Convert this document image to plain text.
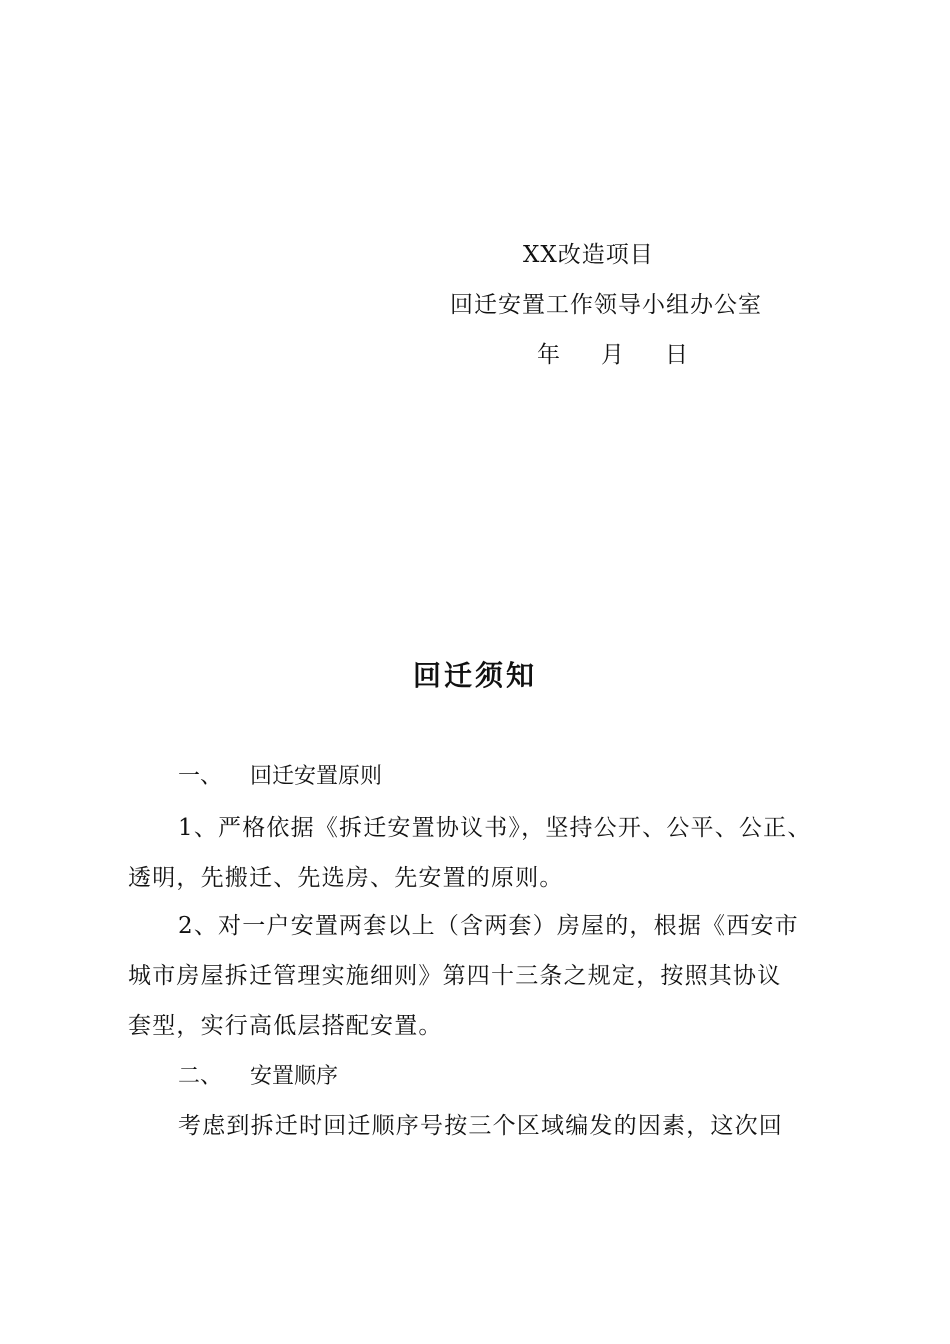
XX改造项目
回迁安置工作领导小组办公室
年 月 日
回迁须知
一、 回迁安置原则
1、严格依据《拆迁安置协议书》，坚持公开、公平、公正、
透明，先搬迁、先选房、先安置的原则。
2、对一户安置两套以上（含两套）房屋的，根据《西安市
城市房屋拆迁管理实施细则》第四十三条之规定，按照其协议
套型，实行高低层搭配安置。
二、 安置顺序
考虑到拆迁时回迁顺序号按三个区域编发的因素，这次回
